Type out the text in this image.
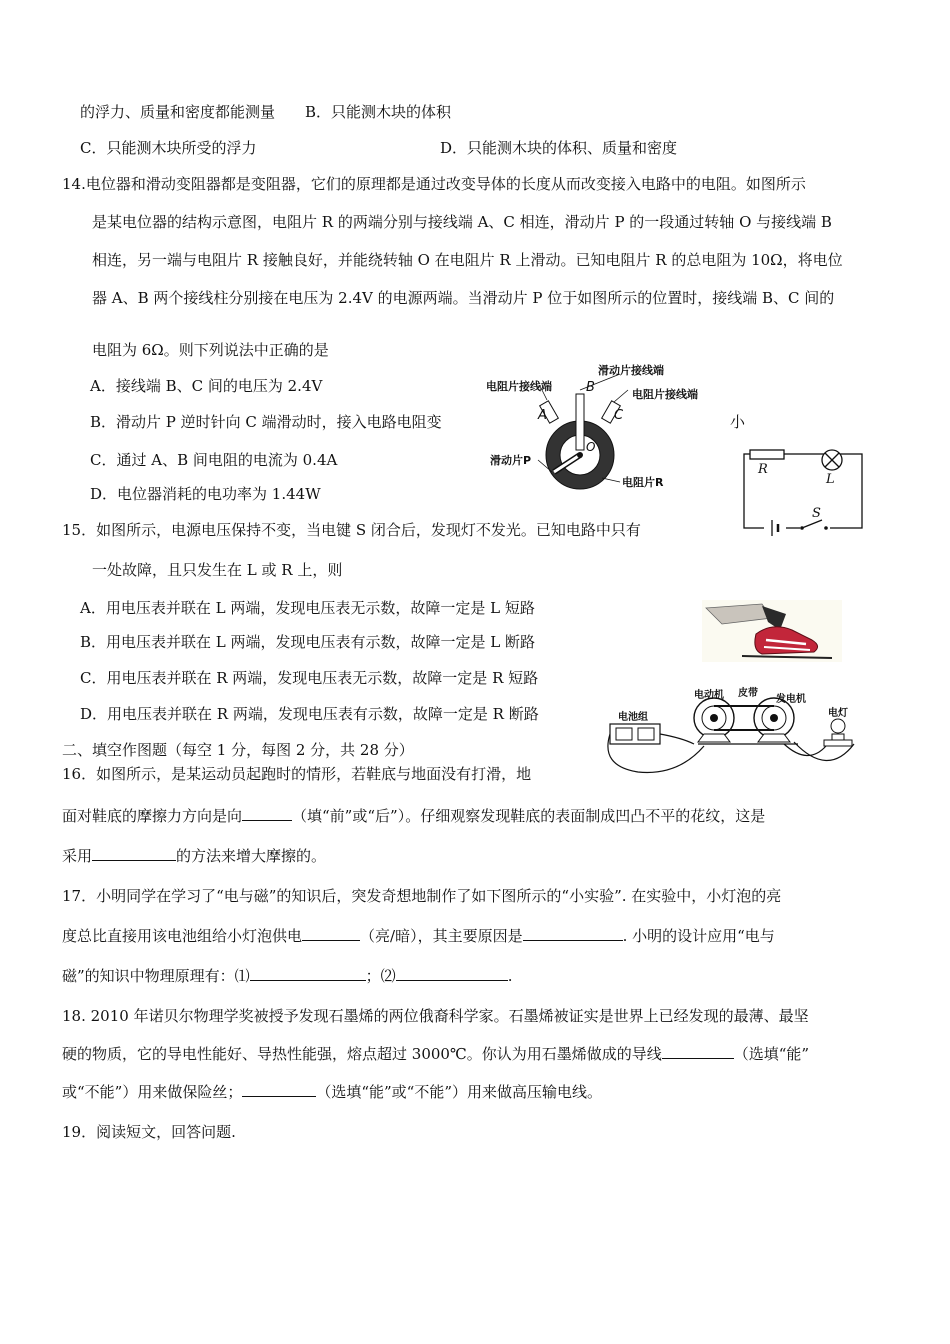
的浮力、质量和密度都能测量 B．只能测木块的体积
C．只能测木块所受的浮力	D．只能测木块的体积、质量和密度
14.电位器和滑动变阻器都是变阻器，它们的原理都是通过改变导体的长度从而改变接入电路中的电阻。如图所示
是某电位器的结构示意图，电阻片 R 的两端分别与接线端 A、C 相连，滑动片 P 的一段通过转轴 O 与接线端 B
相连，另一端与电阻片 R 接触良好，并能绕转轴 O 在电阻片 R 上滑动。已知电阻片 R 的总电阻为 10Ω，将电位
器 A、B 两个接线柱分别接在电压为 2.4V 的电源两端。当滑动片 P 位于如图所示的位置时，接线端 B、C 间的
电阻为 6Ω。则下列说法中正确的是
A．接线端 B、C 间的电压为 2.4V
B．滑动片 P 逆时针向 C 端滑动时，接入电路电阻变	小
C．通过 A、B 间电阻的电流为 0.4A
D．电位器消耗的电功率为 1.44W
滑动片接线端
电阻片接线端
电阻片接线端
B
A	C
O
滑动片P
电阻片R
R
L
S
15．如图所示，电源电压保持不变，当电键 S 闭合后，发现灯不发光。已知电路中只有
一处故障，且只发生在 L 或 R 上，则
A．用电压表并联在 L 两端，发现电压表无示数，故障一定是 L 短路
B．用电压表并联在 L 两端，发现电压表有示数，故障一定是 L 断路
C．用电压表并联在 R 两端，发现电压表无示数，故障一定是 R 短路
D．用电压表并联在 R 两端，发现电压表有示数，故障一定是 R 断路	电池组
电动机 皮带
发电机
电灯
二、填空作图题（每空 1 分，每图 2 分，共 28 分）
16．如图所示，是某运动员起跑时的情形，若鞋底与地面没有打滑，地
面对鞋底的摩擦力方向是向	（填“前”或“后”）。仔细观察发现鞋底的表面制成凹凸不平的花纹，这是
采用	的方法来增大摩擦的。
17．小明同学在学习了“电与磁”的知识后，突发奇想地制作了如下图所示的“小实验”. 在实验中，小灯泡的亮
度总比直接用该电池组给小灯泡供电	（亮/暗），其主要原因是	. 小明的设计应用“电与
磁”的知识中物理原理有：⑴	；⑵	.
18. 2010 年诺贝尔物理学奖被授予发现石墨烯的两位俄裔科学家。石墨烯被证实是世界上已经发现的最薄、最坚
硬的物质，它的导电性能好、导热性能强，熔点超过 3000℃。你认为用石墨烯做成的导线	（选填“能”
或“不能”）用来做保险丝；	（选填“能”或“不能”）用来做高压输电线。
19．阅读短文，回答问题.
